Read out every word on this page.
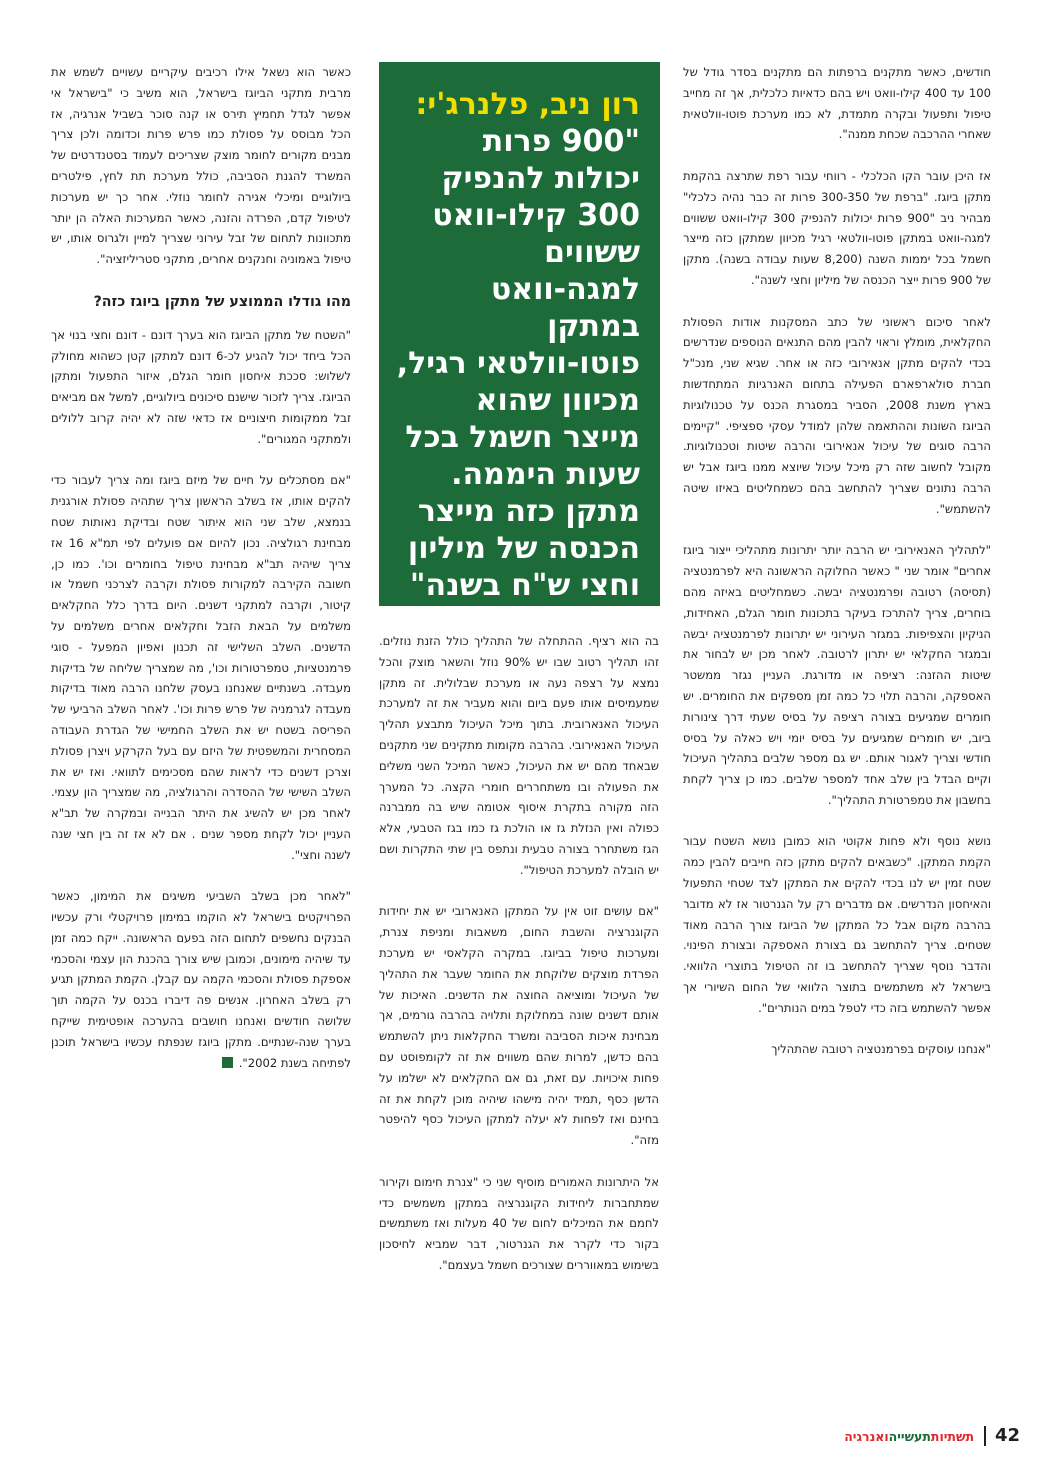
חודשים, כאשר מתקנים ברפתות הם מתקנים בסדר גודל של 100 עד 400 קילו-וואט ויש בהם כדאיות כלכלית, אך זה מחייב טיפול ותפעול ובקרה מתמדת, לא כמו מערכת פוטו-וולטאית שאחרי ההרכבה שכחת ממנה".

אז היכן עובר הקו הכלכלי - רווחי עבור רפת שתרצה בהקמת מתקן ביוגז. "ברפת של 300-350 פרות זה כבר נהיה כלכלי" מבהיר ניב "900 פרות יכולות להנפיק 300 קילו-וואט ששווים למגה-וואט במתקן פוטו-וולטאי רגיל מכיוון שמתקן כזה מייצר חשמל בכל יממות השנה (8,200 שעות עבודה בשנה). מתקן של 900 פרות ייצר הכנסה של מיליון וחצי לשנה".

לאחר סיכום ראשוני של כתב המסקנות אודות הפסולת החקלאית, מומלץ וראוי להבין מהם התנאים הנוספים שנדרשים בכדי להקים מתקן אנאירובי כזה או אחר. שגיא שני, מנכ"ל חברת סולארפארם הפעילה בתחום האנרגיות המתחדשות בארץ משנת 2008, הסביר במסגרת הכנס על טכנולוגיות הביוגז השונות וההתאמה שלהן למודל עסקי ספציפי. "קיימים הרבה סוגים של עיכול אנאירובי והרבה שיטות וטכנולוגיות. מקובל לחשוב שזה רק מיכל עיכול שיוצא ממנו ביוגז אבל יש הרבה נתונים שצריך להתחשב בהם כשמחליטים באיזו שיטה להשתמש".

"לתהליך האנאירובי יש הרבה יותר יתרונות מתהליכי ייצור ביוגז אחרים" אומר שני " כאשר החלוקה הראשונה היא לפרמנטציה (תסיסה) רטובה ופרמנטציה יבשה. כשמחליטים באיזה מהם בוחרים, צריך להתרכז בעיקר בתכונות חומר הגלם, האחידות, הניקיון והצפיפות. במגזר העירוני יש יתרונות לפרמנטציה יבשה ובמגזר החקלאי יש יתרון לרטובה. לאחר מכן יש לבחור את שיטות ההזנה: רציפה או מדורגת. העניין נגזר ממשטר האספקה, והרבה תלוי כל כמה זמן מספקים את החומרים. יש חומרים שמגיעים בצורה רציפה על בסיס שעתי דרך צינורות ביוב, יש חומרים שמגיעים על בסיס יומי ויש כאלה על בסיס חודשי וצריך לאגור אותם. יש גם מספר שלבים בתהליך העיכול וקיים הבדל בין שלב אחד למספר שלבים. כמו כן צריך לקחת בחשבון את טמפרטורת התהליך".

נושא נוסף ולא פחות אקוטי הוא כמובן נושא השטח עבור הקמת המתקן. "כשבאים להקים מתקן כזה חייבים להבין כמה שטח זמין יש לנו בכדי להקים את המתקן לצד שטחי התפעול והאיחסון הנדרשים. אם מדברים רק על הגנרטור אז לא מדובר בהרבה מקום אבל כל המתקן של הביוגז צורך הרבה מאוד שטחים. צריך להתחשב גם בצורת האספקה ובצורת הפינוי. והדבר נוסף שצריך להתחשב בו זה הטיפול בתוצרי הלוואי. בישראל לא משתמשים בתוצר הלוואי של החום השיורי אך אפשר להשתמש בזה כדי לטפל במים הנותרים".

"אנחנו עוסקים בפרמנטציה רטובה שהתהליך

רון ניב, פלנרג'י:
"900 פרות יכולות להנפיק 300 קילו-וואט ששווים למגה-וואט במתקן פוטו-וולטאי רגיל, מכיוון שהוא מייצר חשמל בכל שעות היממה. מתקן כזה מייצר הכנסה של מיליון וחצי ש"ח בשנה"

בה הוא רציף. ההתחלה של התהליך כולל הזנת נוזלים. זהו תהליך רטוב שבו יש 90% נוזל והשאר מוצק והכל נמצא על רצפה נעה או מערכת שבלולית. זה מתקן שמעמיסים אותו פעם ביום והוא מעביר את זה למערכת העיכול האנארובית. בתוך מיכל העיכול מתבצע תהליך העיכול האנאירובי. בהרבה מקומות מתקינים שני מתקנים שבאחד מהם יש את העיכול, כאשר המיכל השני משלים את הפעולה ובו משתחררים חומרי הקצה. כל המערך הזה מקורה בתקרת איסוף אטומה שיש בה ממברנה כפולה ואין הנזלת גז או הולכת גז כמו בגז הטבעי, אלא הגז משתחרר בצורה טבעית ונתפס בין שתי התקרות ושם יש הובלה למערכת הטיפול".

"אם עושים זוט אין על המתקן האנארובי יש את יחידות הקוגנרציה והשבת החום, משאבות ומניפת צנרת, ומערכות טיפול בביוגז. במקרה הקלאסי יש מערכת הפרדת מוצקים שלוקחת את החומר שעבר את התהליך של העיכול ומוציאה החוצה את הדשנים. האיכות של אותם דשנים שונה במחלוקת ותלויה בהרבה גורמים, אך מבחינת איכות הסביבה ומשרד החקלאות ניתן להשתמש בהם כדשן, למרות שהם משווים את זה לקומפוסט עם פחות איכויות. עם זאת, גם אם החקלאים לא ישלמו על הדשן כסף ,תמיד יהיה מישהו שיהיה מוכן לקחת את זה בחינם ואז לפחות לא יעלה למתקן העיכול כסף להיפטר מזה".

אל היתרונות האמורים מוסיף שני כי "צנרת חימום וקירור שמתחברות ליחידות הקוגנרציה במתקן משמשים כדי לחמם את המיכלים לחום של 40 מעלות ואז משתמשים בקור כדי לקרר את הגנרטור, דבר שמביא לחיסכון בשימוש במאווררים שצורכים חשמל בעצמם".

כאשר הוא נשאל אילו רכיבים עיקריים עשויים לשמש את מרבית מתקני הביוגז בישראל, הוא משיב כי "בישראל אי אפשר לגדל תחמיץ תירס או קנה סוכר בשביל אנרגיה, אז הכל מבוסס על פסולת כמו פרש פרות וכדומה ולכן צריך מבנים מקורים לחומר מוצק שצריכים לעמוד בסטנדרטים של המשרד להגנת הסביבה, כולל מערכת תת לחץ, פילטרים ביולוגיים ומיכלי אגירה לחומר נוזלי. אחר כך יש מערכות לטיפול קדם, הפרדה והזנה, כאשר המערכות האלה הן יותר מתכוונות לתחום של זבל עירוני שצריך למיין ולגרוס אותו, יש טיפול באמוניה וחנקנים אחרים, מתקני סטריליזציה".

מהו גודלו הממוצע של מתקן ביוגז כזה?

"השטח של מתקן הביוגז הוא בערך דונם - דונם וחצי בנוי אך הכל ביחד יכול להגיע לכ-6 דונם למתקן קטן כשהוא מחולק לשלוש: סככת איחסון חומר הגלם, איזור התפעול ומתקן הביוגז. צריך לזכור שישנם סיכונים ביולוגיים, למשל אם מביאים זבל ממקומות חיצוניים אז כדאי שזה לא יהיה קרוב ללולים ולמתקני המגורים".

"אם מסתכלים על חיים של מיזם ביוגז ומה צריך לעבור כדי להקים אותו, אז בשלב הראשון צריך שתהיה פסולת אורגנית בנמצא, שלב שני הוא איתור שטח ובדיקת נאותות שטח מבחינת רגולציה. נכון להיום אם פועלים לפי תמ"א 16 אז צריך שיהיה תב"א מבחינת טיפול בחומרים וכו'. כמו כן, חשובה הקירבה למקורות פסולת וקרבה לצרכני חשמל או קיטור, וקרבה למתקני דשנים. היום בדרך כלל החקלאים משלמים על הבאת הזבל וחקלאים אחרים משלמים על הדשנים. השלב השלישי זה תכנון ואפיון המפעל - סוגי פרמנטציות, טמפרטורות וכו', מה שמצריך שליחה של בדיקות מעבדה. בשנתיים שאנחנו בעסק שלחנו הרבה מאוד בדיקות מעבדה לגרמניה של פרש פרות וכו'. לאחר השלב הרביעי של הפריסה בשטח יש את השלב החמישי של הגדרת העבודה המסחרית והמשפטית של היזם עם בעל הקרקע ויצרן פסולת וצרכן דשנים כדי לראות שהם מסכימים לתוואי. ואז יש את השלב השישי של ההסדרה והרגולציה, מה שמצריך הון עצמי. לאחר מכן יש להשיג את היתר הבנייה ובמקרה של תב"א העניין יכול לקחת מספר שנים . אם לא אז זה בין חצי שנה לשנה וחצי".

"לאחר מכן בשלב השביעי משיגים את המימון, כאשר הפרויקטים בישראל לא הוקמו במימון פרויקטלי ורק עכשיו הבנקים נחשפים לתחום הזה בפעם הראשונה. ייקח כמה זמן עד שיהיה מימונים, וכמובן שיש צורך בהכנת הון עצמי והסכמי אספקת פסולת והסכמי הקמה עם קבלן. הקמת המתקן תגיע רק בשלב האחרון. אנשים פה דיברו בכנס על הקמה תוך שלושה חודשים ואנחנו חושבים בהערכה אופטימית שייקח בערך שנה-שנתיים. מתקן ביוגז שנפתח עכשיו בישראל תוכנן לפתיחה בשנת 2002".

42
תשתיותתעשייהואנרגיה
